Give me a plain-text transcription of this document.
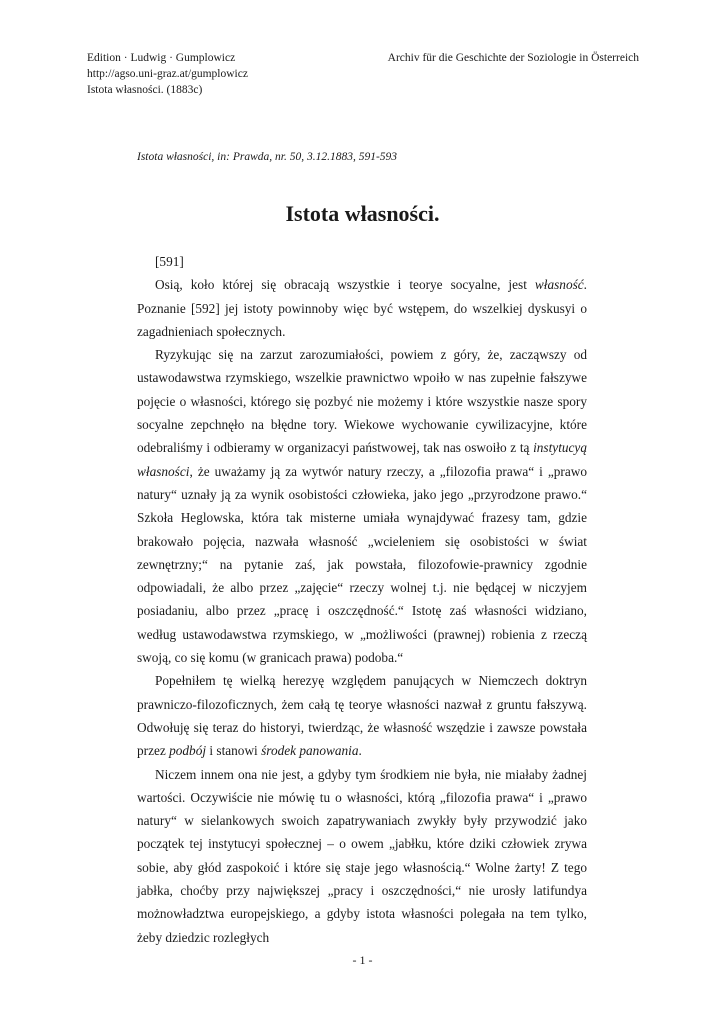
Edition · Ludwig · Gumplowicz
http://agso.uni-graz.at/gumplowicz
Istota własności. (1883c)
Archiv für die Geschichte der Soziologie in Österreich
Istota własności, in: Prawda, nr. 50, 3.12.1883, 591-593
Istota własności.

[591]

Osią, koło której się obracają wszystkie i teorye socyalne, jest własność. Poznanie [592] jej istoty powinnoby więc być wstępem, do wszelkiej dyskusyi o zagadnieniach społecznych.

Ryzykując się na zarzut zarozumiałości, powiem z góry, że, zacząwszy od ustawodawstwa rzymskiego, wszelkie prawnictwo wpoiło w nas zupełnie fałszywe pojęcie o własności, którego się pozbyć nie możemy i które wszystkie nasze spory socyalne zepchnęło na błędne tory. Wiekowe wychowanie cywilizacyjne, które odebraliśmy i odbieramy w organizacyi państwowej, tak nas oswoiło z tą instytucyą własności, że uważamy ją za wytwór natury rzeczy, a „filozofia prawa“ i „prawo natury“ uznały ją za wynik osobistości człowieka, jako jego „przyrodzone prawo.“ Szkoła Heglowska, która tak misterne umiała wynajdywać frazesy tam, gdzie brakowało pojęcia, nazwała własność „wcieleniem się osobistości w świat zewnętrzny;“ na pytanie zaś, jak powstała, filozofowie-prawnicy zgodnie odpowiadali, że albo przez „zajęcie“ rzeczy wolnej t.j. nie będącej w niczyjem posiadaniu, albo przez „pracę i oszczędność.“ Istotę zaś własności widziano, według ustawodawstwa rzymskiego, w „możliwości (prawnej) robienia z rzeczą swoją, co się komu (w granicach prawa) podoba.“

Popełniłem tę wielką herezyę względem panujących w Niemczech doktryn prawniczo-filozoficznych, żem całą tę teorye własności nazwał z gruntu fałszywą. Odwołuję się teraz do historyi, twierdząc, że własność wszędzie i zawsze powstała przez podbój i stanowi środek panowania.

Niczem innem ona nie jest, a gdyby tym środkiem nie była, nie miałaby żadnej wartości. Oczywiście nie mówię tu o własności, którą „filozofia prawa“ i „prawo natury“ w sielankowych swoich zapatrywaniach zwykły były przywodzić jako początek tej instytucyi społecznej – o owem „jabłku, które dziki człowiek zrywa sobie, aby głód zaspokoić i które się staje jego własnością.“ Wolne żarty! Z tego jabłka, choćby przy największej „pracy i oszczędności,“ nie urosły latifundya możnowładztwa europejskiego, a gdyby istota własności polegała na tem tylko, żeby dziedzic rozległych

- 1 -
